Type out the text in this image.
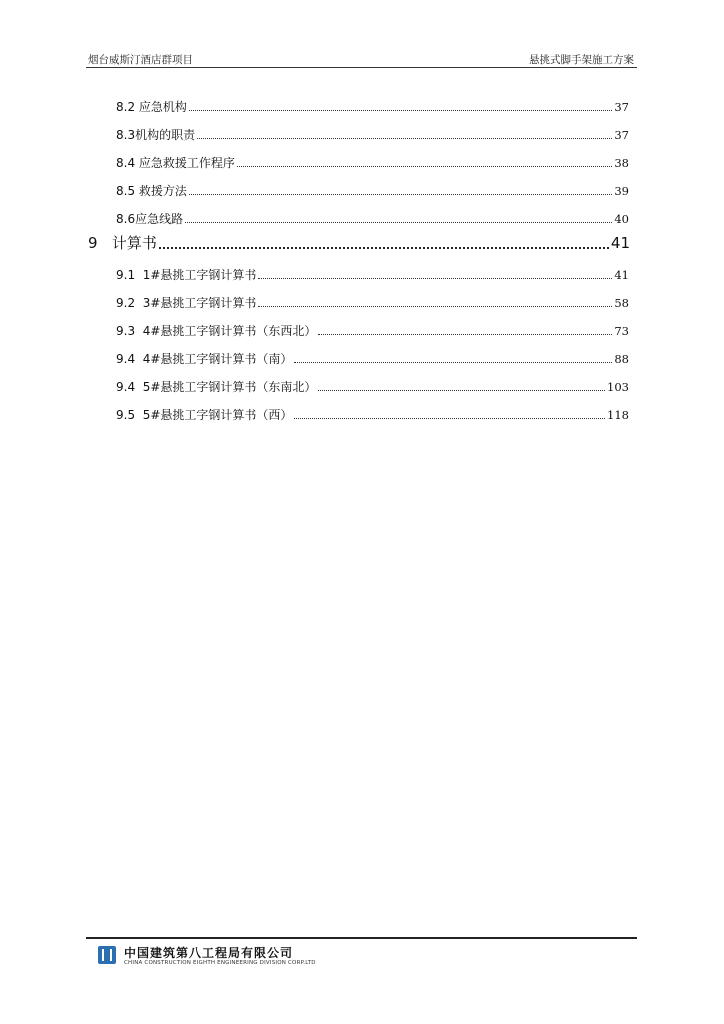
烟台威斯汀酒店群项目	悬挑式脚手架施工方案
8.2 应急机构	37
8.3 机构的职责	37
8.4 应急救援工作程序	38
8.5 救援方法	39
8.6 应急线路	40
9 计算书	41
9.1 1#悬挑工字钢计算书	41
9.2 3#悬挑工字钢计算书	58
9.3 4#悬挑工字钢计算书（东西北）	73
9.4 4#悬挑工字钢计算书（南）	88
9.4 5#悬挑工字钢计算书（东南北）	103
9.5 5#悬挑工字钢计算书（西）	118
中国建筑第八工程局有限公司
CHINA CONSTRUCTION EIGHTH ENGINEERING DIVISION CORP.LTD
